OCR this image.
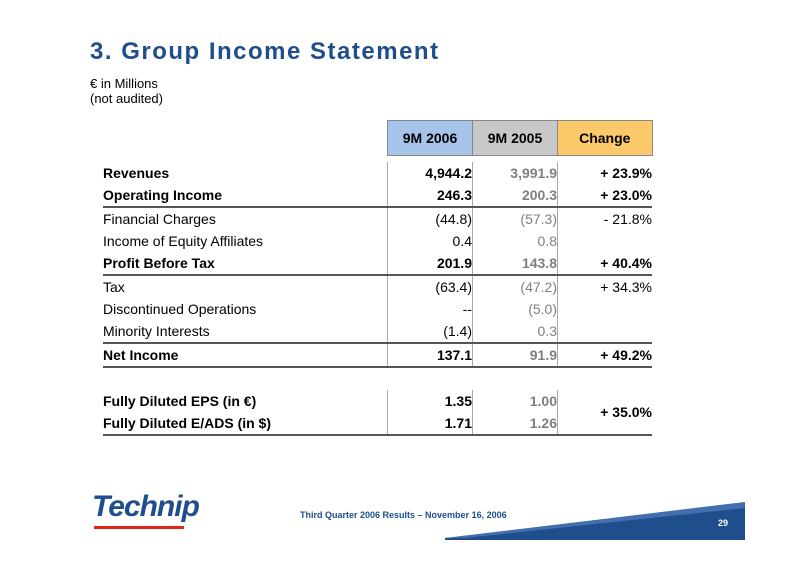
3. Group Income Statement
€ in Millions
(not audited)
	9M 2006	9M 2005	Change

Revenues	4,944.2	3,991.9	+ 23.9%
Operating Income	246.3	200.3	+ 23.0%
Financial Charges	(44.8)	(57.3)	- 21.8%
Income of Equity Affiliates	0.4	0.8	
Profit Before Tax	201.9	143.8	+ 40.4%
Tax	(63.4)	(47.2)	+ 34.3%
Discontinued Operations	--	(5.0)	
Minority Interests	(1.4)	0.3	
Net Income	137.1	91.9	+ 49.2%

Fully Diluted EPS (in €)	1.35	1.00	+ 35.0%
Fully Diluted E/ADS (in $)	1.71	1.26	
Technip	Third Quarter 2006 Results – November 16, 2006
29
